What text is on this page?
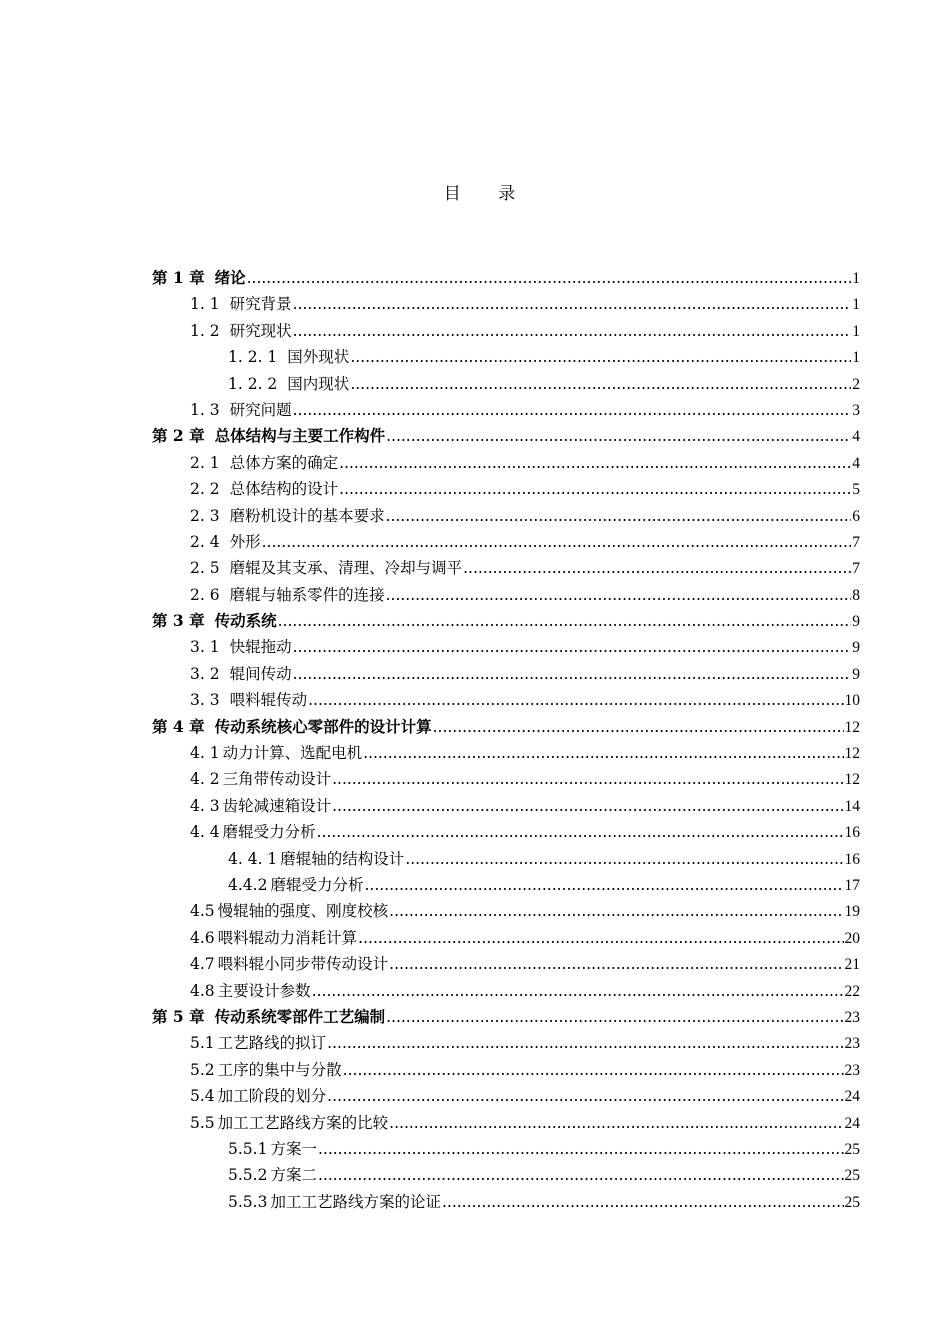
目 录
第 1 章 绪论 .....	1
1. 1 研究背景 .....	1
1. 2 研究现状 .....	1
1. 2. 1 国外现状 .....	1
1. 2. 2 国内现状 .....	2
1. 3 研究问题 .....	3
第 2 章 总体结构与主要工作构件 .....	4
2. 1 总体方案的确定 .....	4
2. 2 总体结构的设计 .....	5
2. 3 磨粉机设计的基本要求 .....	6
2. 4 外形 .....	7
2. 5 磨辊及其支承、清理、冷却与调平 .....	7
2. 6 磨辊与轴系零件的连接 .....	8
第 3 章 传动系统 .....	9
3. 1 快辊拖动 .....	9
3. 2 辊间传动 .....	9
3. 3 喂料辊传动 .....	10
第 4 章 传动系统核心零部件的设计计算 .....	12
4. 1 动力计算、选配电机 .....	12
4. 2 三角带传动设计 .....	12
4. 3 齿轮减速箱设计 .....	14
4. 4 磨辊受力分析 .....	16
4. 4. 1 磨辊轴的结构设计 .....	16
4.4.2 磨辊受力分析 .....	17
4.5 慢辊轴的强度、刚度校核 .....	19
4.6 喂料辊动力消耗计算 .....	20
4.7 喂料辊小同步带传动设计 .....	21
4.8 主要设计参数 .....	22
第 5 章 传动系统零部件工艺编制 .....	23
5.1 工艺路线的拟订 .....	23
5.2 工序的集中与分散 .....	23
5.4 加工阶段的划分 .....	24
5.5 加工工艺路线方案的比较 .....	24
5.5.1 方案一 .....	25
5.5.2 方案二 .....	25
5.5.3 加工工艺路线方案的论证 .....	25
